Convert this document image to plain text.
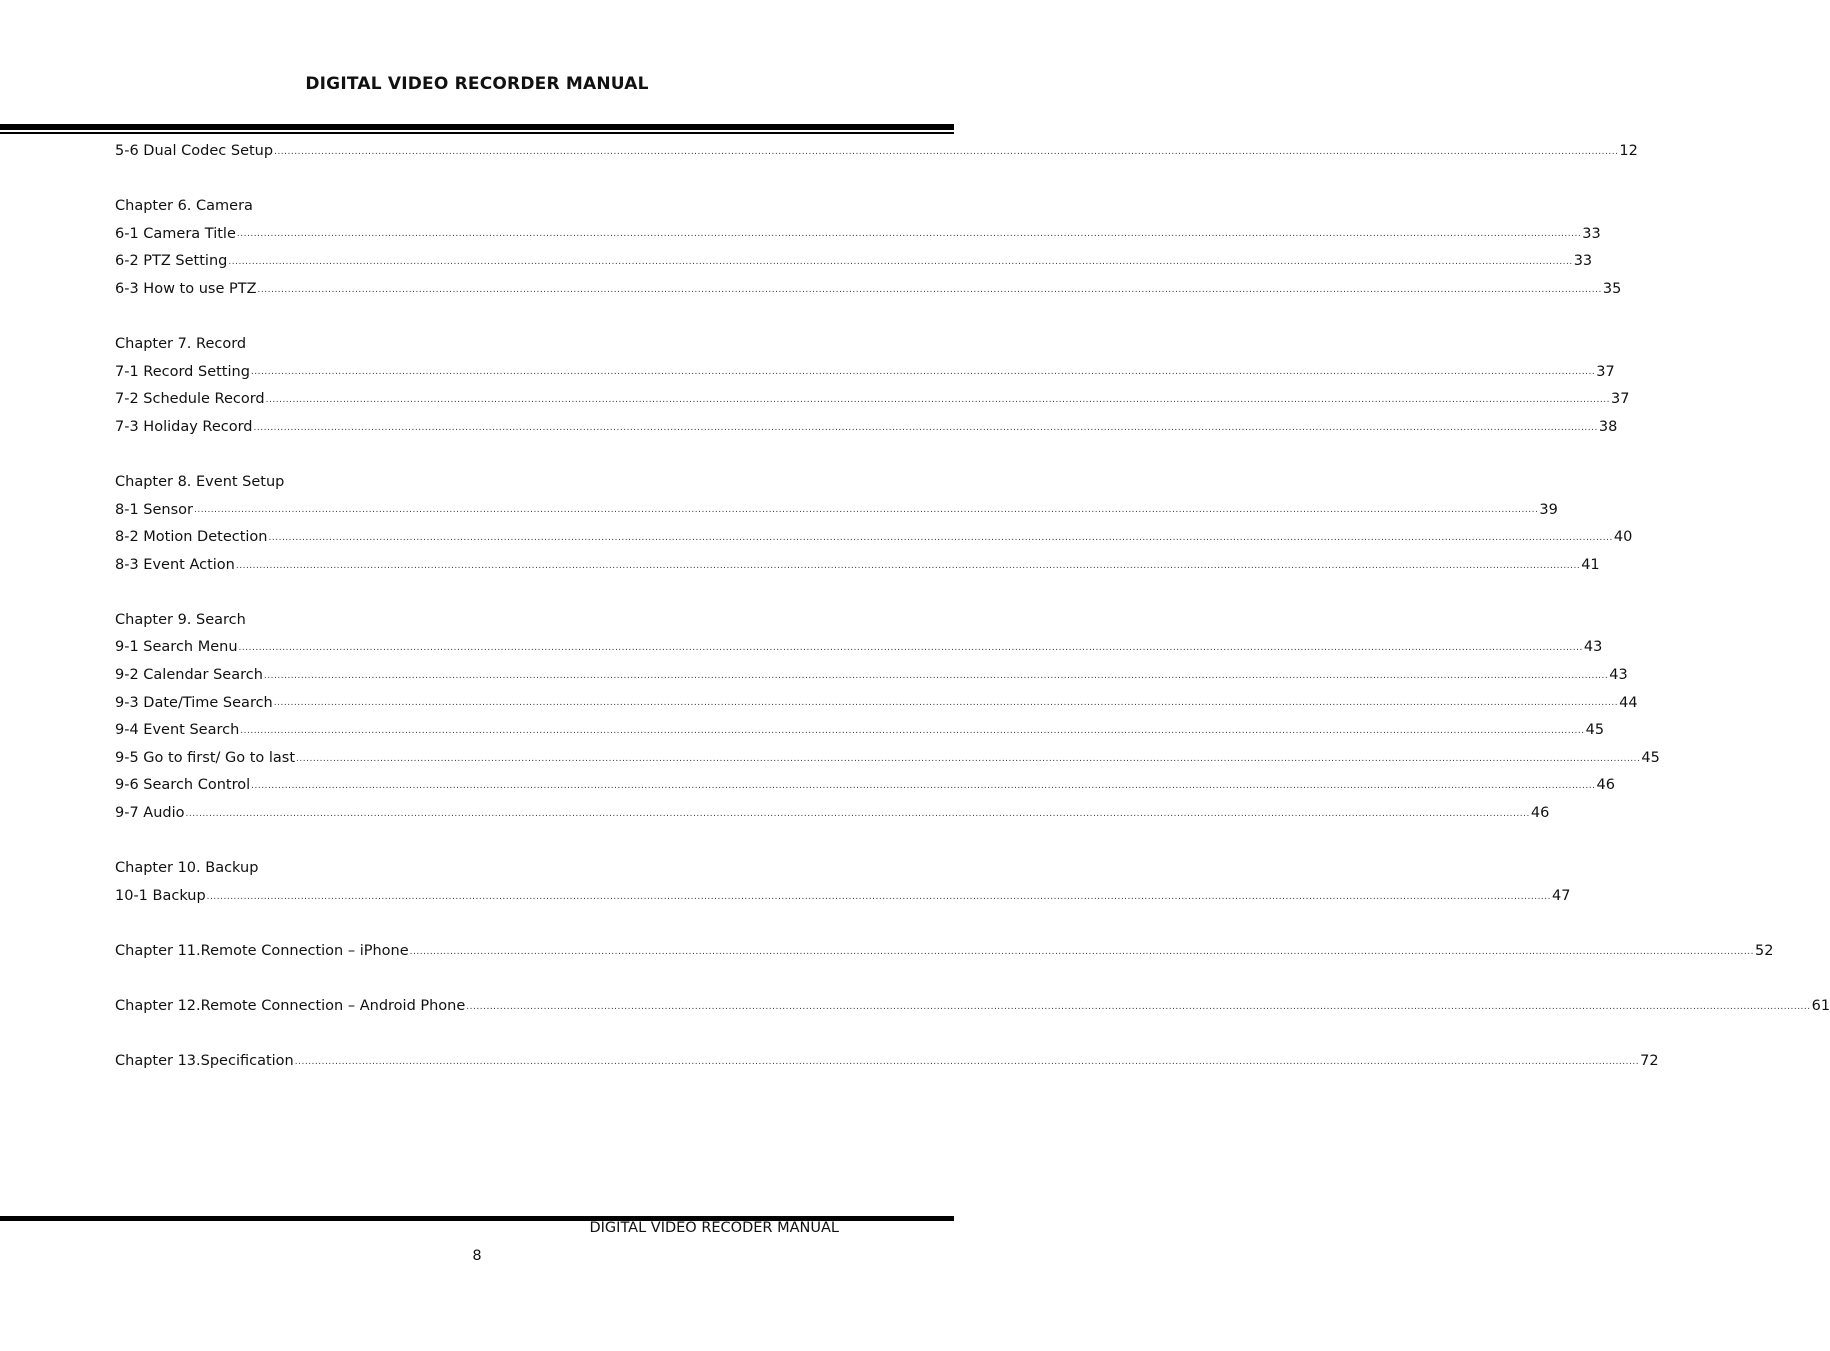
DIGITAL VIDEO RECORDER MANUAL
5-6 Dual Codec Setup ................................................................................................................................................................................................................................................................................................................................................................................................................ 12
Chapter 6. Camera
6-1 Camera Title ................................................................................................................................................................................................................................................................................................................................................................................................................ 33
6-2 PTZ Setting ................................................................................................................................................................................................................................................................................................................................................................................................................ 33
6-3 How to use PTZ ................................................................................................................................................................................................................................................................................................................................................................................................................ 35
Chapter 7. Record
7-1 Record Setting ................................................................................................................................................................................................................................................................................................................................................................................................................ 37
7-2 Schedule Record ................................................................................................................................................................................................................................................................................................................................................................................................................ 37
7-3 Holiday Record ................................................................................................................................................................................................................................................................................................................................................................................................................ 38
Chapter 8. Event Setup
8-1 Sensor ................................................................................................................................................................................................................................................................................................................................................................................................................ 39
8-2 Motion Detection ................................................................................................................................................................................................................................................................................................................................................................................................................ 40
8-3 Event Action ................................................................................................................................................................................................................................................................................................................................................................................................................ 41
Chapter 9. Search
9-1 Search Menu ................................................................................................................................................................................................................................................................................................................................................................................................................ 43
9-2 Calendar Search ................................................................................................................................................................................................................................................................................................................................................................................................................ 43
9-3 Date/Time Search ................................................................................................................................................................................................................................................................................................................................................................................................................ 44
9-4 Event Search ................................................................................................................................................................................................................................................................................................................................................................................................................ 45
9-5 Go to first/ Go to last ................................................................................................................................................................................................................................................................................................................................................................................................................ 45
9-6 Search Control ................................................................................................................................................................................................................................................................................................................................................................................................................ 46
9-7 Audio ................................................................................................................................................................................................................................................................................................................................................................................................................ 46
Chapter 10. Backup
10-1 Backup ................................................................................................................................................................................................................................................................................................................................................................................................................ 47
Chapter 11.Remote Connection – iPhone ................................................................................................................................................................................................................................................................................................................................................................................................................ 52
Chapter 12.Remote Connection – Android Phone ................................................................................................................................................................................................................................................................................................................................................................................................................ 61
Chapter 13.Specification ................................................................................................................................................................................................................................................................................................................................................................................................................ 72
DIGITAL VIDEO RECODER MANUAL
8
